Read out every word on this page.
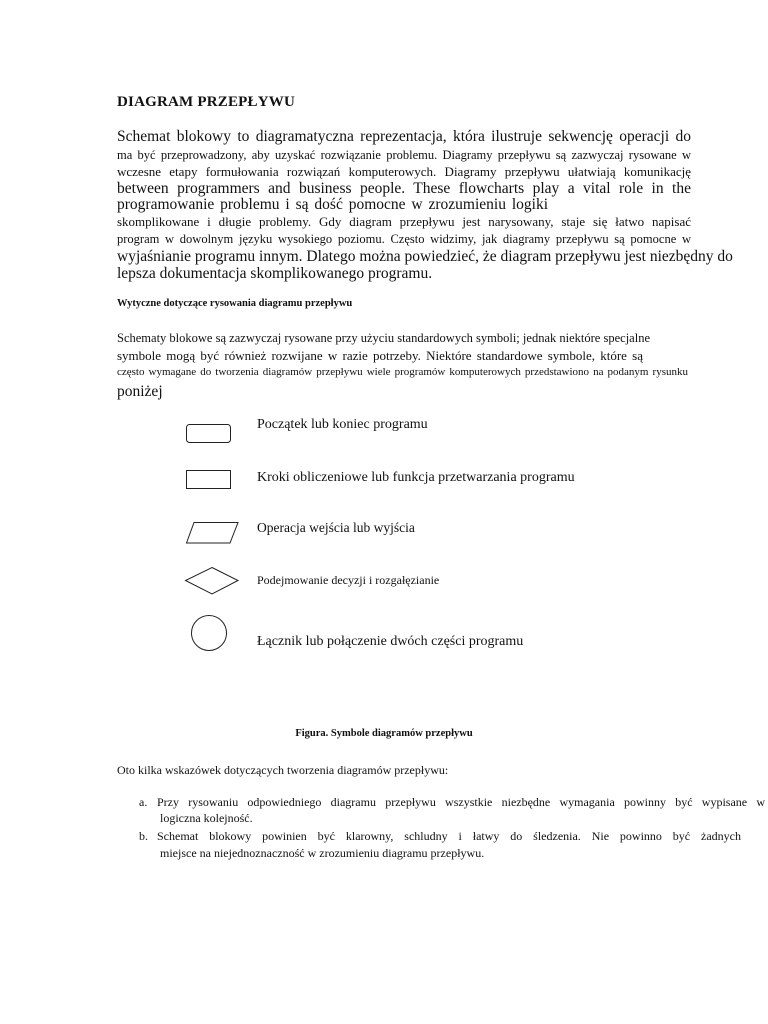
DIAGRAM PRZEPŁYWU
Schemat blokowy to diagramatyczna reprezentacja, która ilustruje sekwencję operacji do
ma być przeprowadzony, aby uzyskać rozwiązanie problemu. Diagramy przepływu są zazwyczaj rysowane w
wczesne etapy formułowania rozwiązań komputerowych. Diagramy przepływu ułatwiają komunikację
between programmers and business people. These flowcharts play a vital role in the
programowanie problemu i są dość pomocne w zrozumieniu logiki
skomplikowane i długie problemy. Gdy diagram przepływu jest narysowany, staje się łatwo napisać
program w dowolnym języku wysokiego poziomu. Często widzimy, jak diagramy przepływu są pomocne w
wyjaśnianie programu innym. Dlatego można powiedzieć, że diagram przepływu jest niezbędny do
lepsza dokumentacja skomplikowanego programu.
Wytyczne dotyczące rysowania diagramu przepływu
Schematy blokowe są zazwyczaj rysowane przy użyciu standardowych symboli; jednak niektóre specjalne
symbole mogą być również rozwijane w razie potrzeby. Niektóre standardowe symbole, które są
często wymagane do tworzenia diagramów przepływu wiele programów komputerowych przedstawiono na podanym rysunku
poniżej
Początek lub koniec programu
Kroki obliczeniowe lub funkcja przetwarzania programu
Operacja wejścia lub wyjścia
Podejmowanie decyzji i rozgałęzianie
Łącznik lub połączenie dwóch części programu
Figura. Symbole diagramów przepływu
Oto kilka wskazówek dotyczących tworzenia diagramów przepływu:
a. Przy rysowaniu odpowiedniego diagramu przepływu wszystkie niezbędne wymagania powinny być wypisane w
logiczna kolejność.
b. Schemat blokowy powinien być klarowny, schludny i łatwy do śledzenia. Nie powinno być żadnych
miejsce na niejednoznaczność w zrozumieniu diagramu przepływu.
